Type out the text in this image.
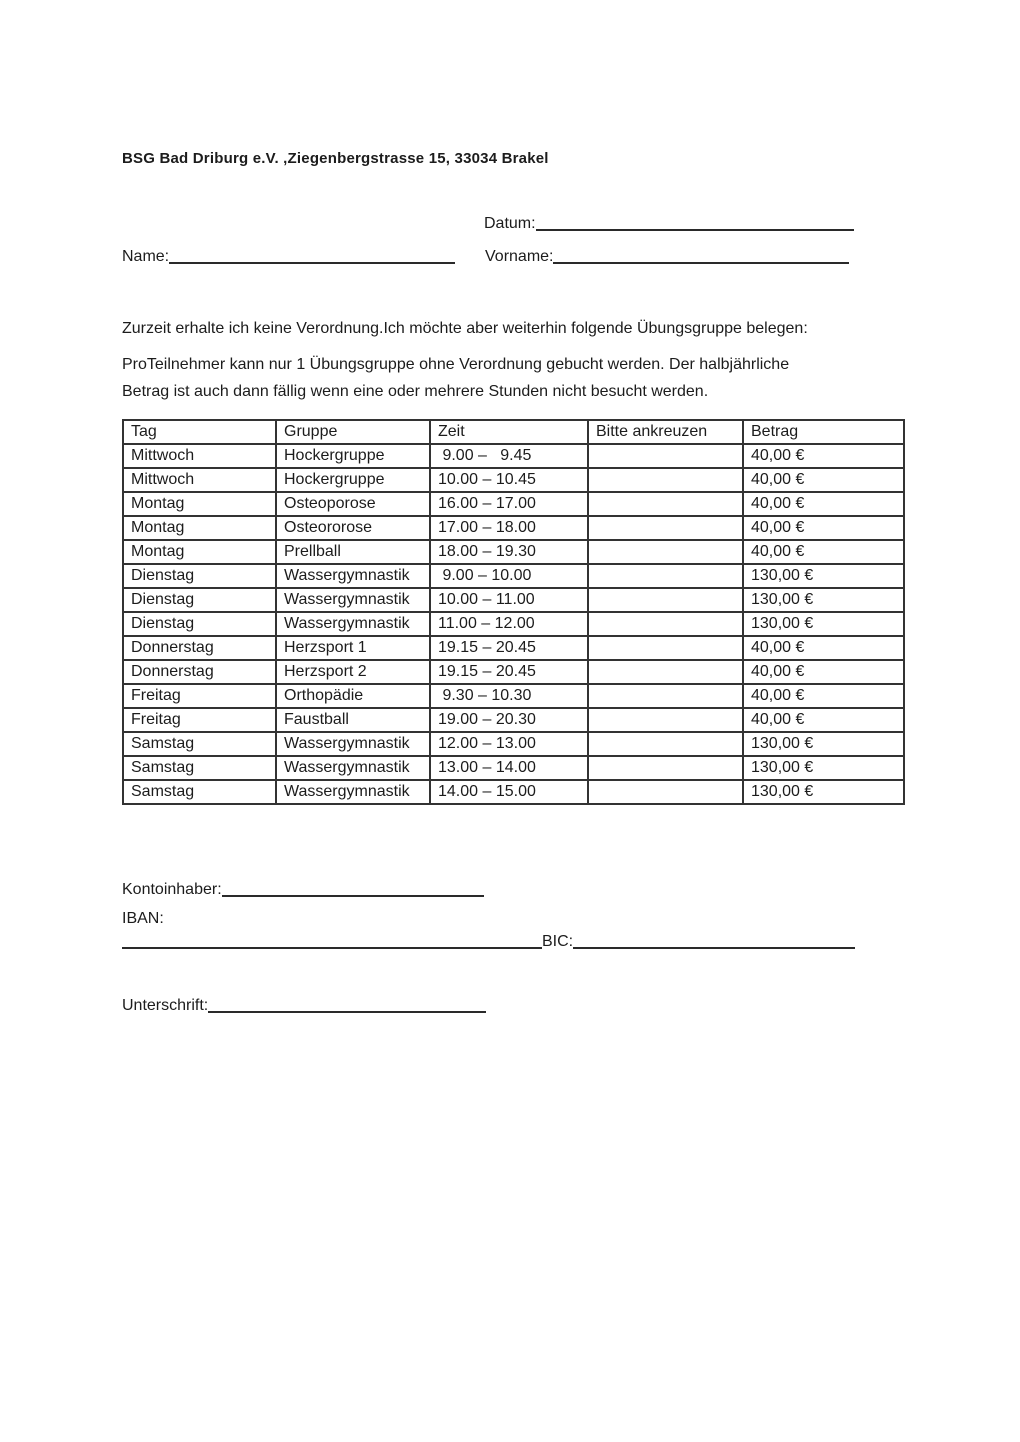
BSG Bad Driburg e.V. ,Ziegenbergstrasse 15, 33034 Brakel

Datum:
Name:	Vorname:

Zurzeit erhalte ich keine Verordnung.Ich möchte aber weiterhin folgende Übungsgruppe belegen:

ProTeilnehmer kann nur 1 Übungsgruppe ohne Verordnung gebucht werden. Der halbjährliche
Betrag ist auch dann fällig wenn eine oder mehrere Stunden nicht besucht werden.

Tag	Gruppe	Zeit	Bitte ankreuzen	Betrag
Mittwoch	Hockergruppe	9.00 –   9.45		40,00 €
Mittwoch	Hockergruppe	10.00 – 10.45		40,00 €
Montag	Osteoporose	16.00 – 17.00		40,00 €
Montag	Osteororose	17.00 – 18.00		40,00 €
Montag	Prellball	18.00 – 19.30		40,00 €
Dienstag	Wassergymnastik	9.00 – 10.00		130,00 €
Dienstag	Wassergymnastik	10.00 – 11.00		130,00 €
Dienstag	Wassergymnastik	11.00 – 12.00		130,00 €
Donnerstag	Herzsport 1	19.15 – 20.45		40,00 €
Donnerstag	Herzsport 2	19.15 – 20.45		40,00 €
Freitag	Orthopädie	9.30 – 10.30		40,00 €
Freitag	Faustball	19.00 – 20.30		40,00 €
Samstag	Wassergymnastik	12.00 – 13.00		130,00 €
Samstag	Wassergymnastik	13.00 – 14.00		130,00 €
Samstag	Wassergymnastik	14.00 – 15.00		130,00 €
Kontoinhaber:
IBAN:
BIC:
Unterschrift:
